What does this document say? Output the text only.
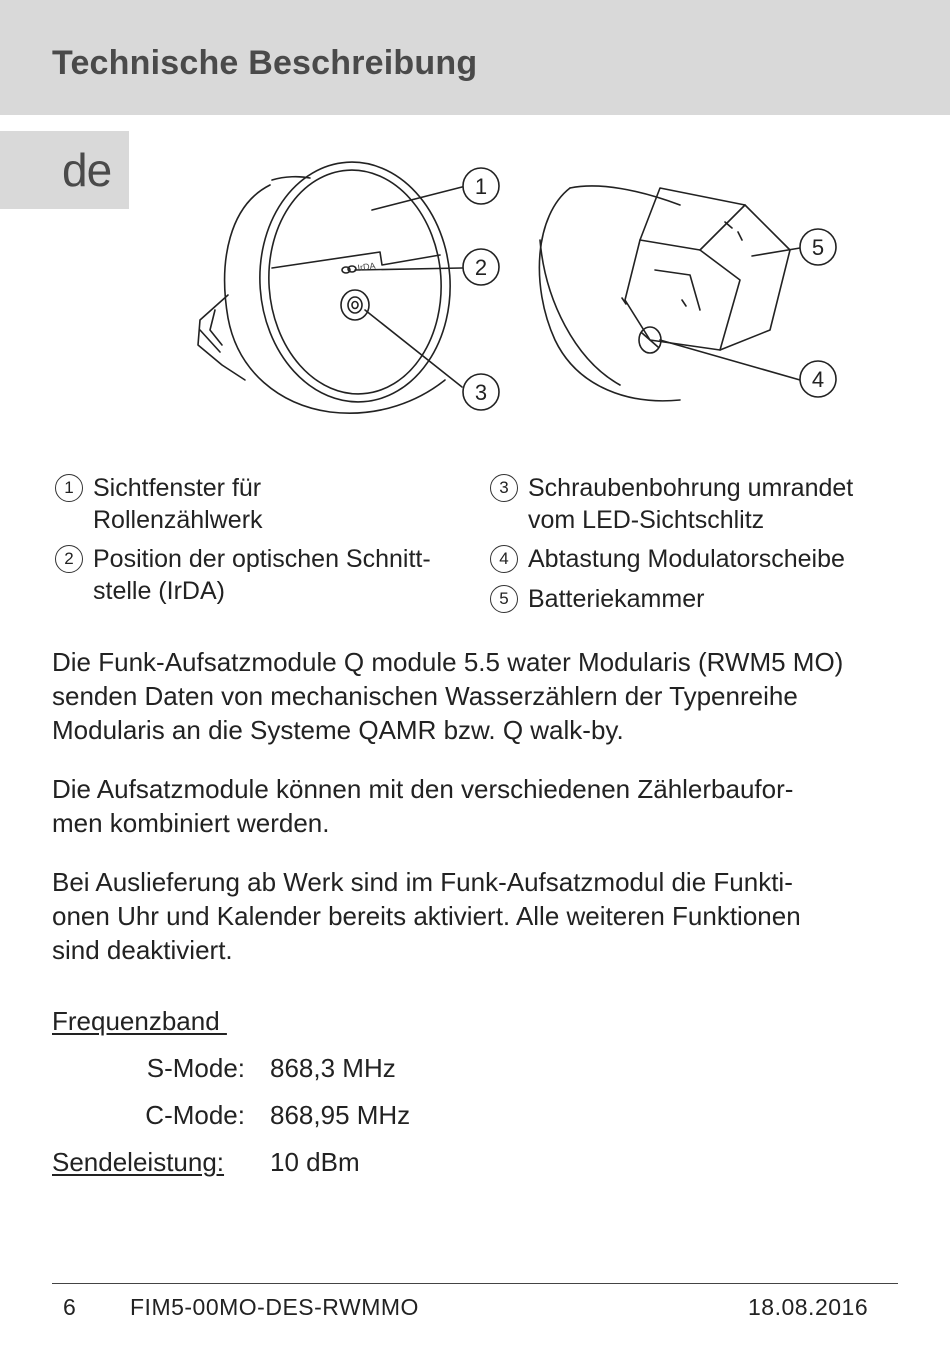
Technische Beschreibung
de	1
2
3
4
5
IrDA
1 Sichtfenster für
Rollenzählwerk
2 Position der optischen Schnitt-
stelle (IrDA)
3 Schraubenbohrung umrandet
vom LED-Sichtschlitz
4 Abtastung Modulatorscheibe
5 Batteriekammer
Die Funk-Aufsatzmodule Q module 5.5 water Modularis (RWM5 MO)
senden Daten von mechanischen Wasserzählern der Typenreihe
Modularis an die Systeme QAMR bzw. Q walk-by.
Die Aufsatzmodule können mit den verschiedenen Zählerbaufor-
men kombiniert werden.
Bei Auslieferung ab Werk sind im Funk-Aufsatzmodul die Funkti-
onen Uhr und Kalender bereits aktiviert. Alle weiteren Funktionen
sind deaktiviert.
Frequenzband
S-Mode: 868,3 MHz
C-Mode: 868,95 MHz
Sendeleistung: 10 dBm
6 FIM5-00MO-DES-RWMMO	18.08.2016
